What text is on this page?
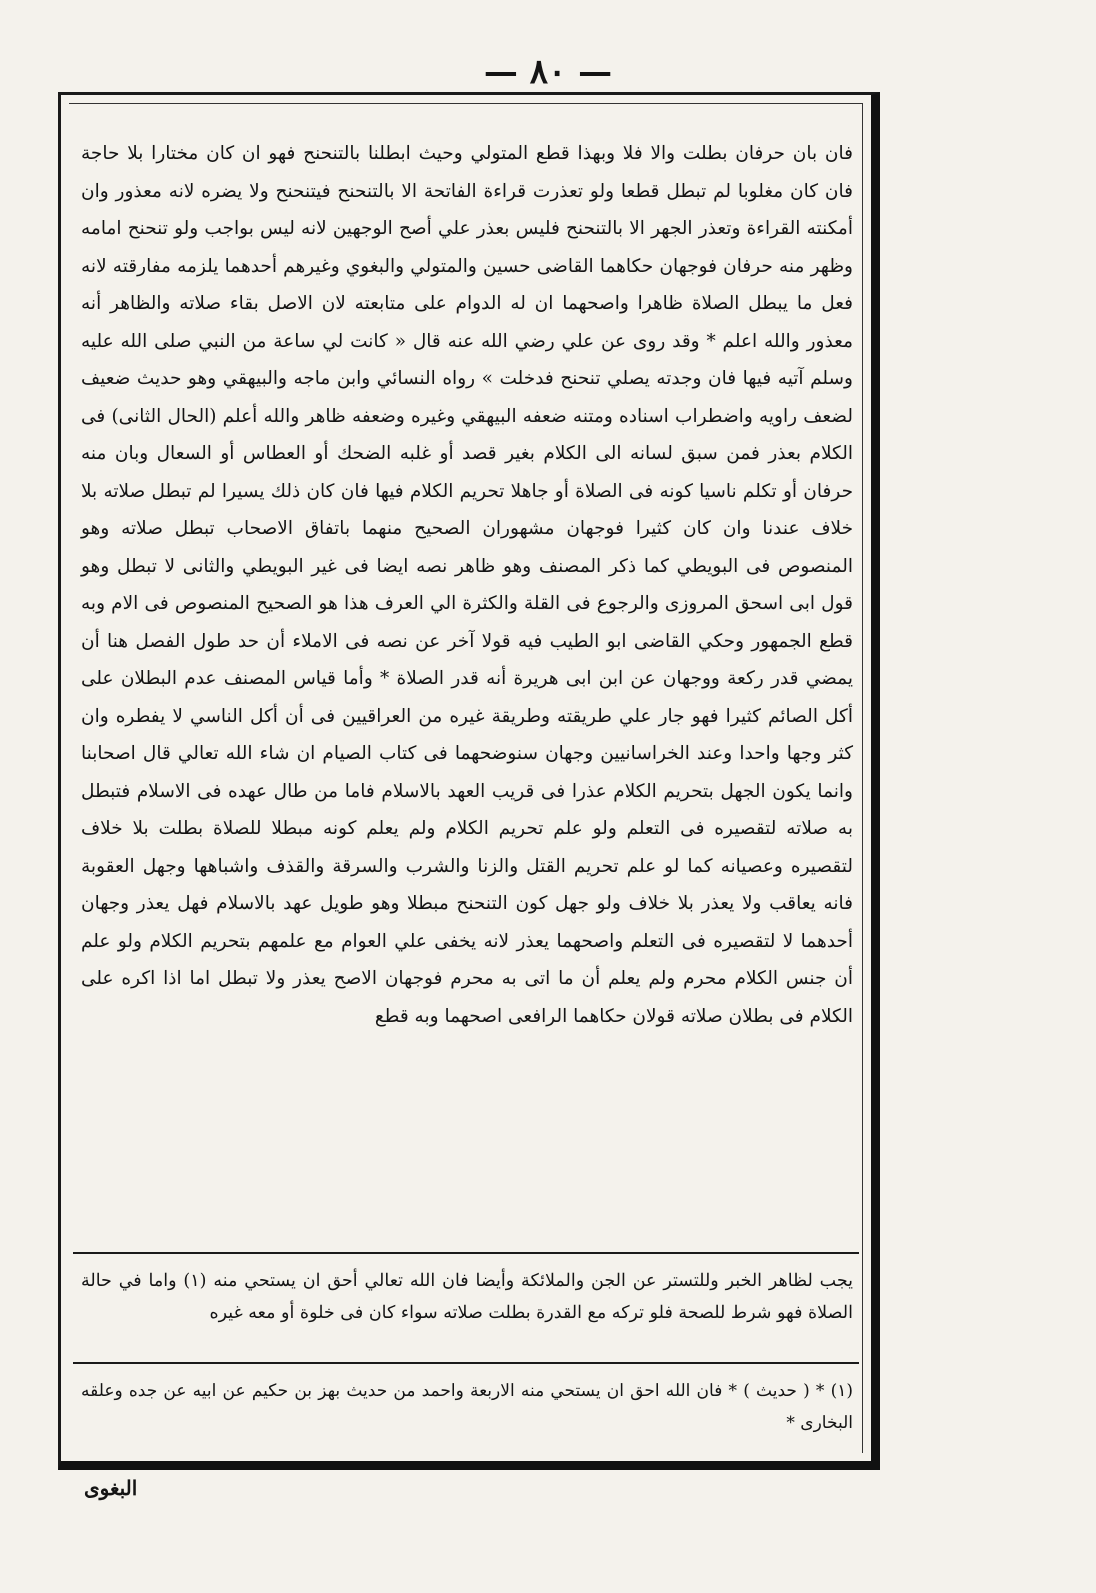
— ٨٠ —
فان بان حرفان بطلت والا فلا وبهذا قطع المتولي وحيث ابطلنا بالتنحنح فهو ان كان مختارا بلا حاجة فان كان مغلوبا لم تبطل قطعا ولو تعذرت قراءة الفاتحة الا بالتنحنح فيتنحنح ولا يضره لانه معذور وان أمكنته القراءة وتعذر الجهر الا بالتنحنح فليس بعذر علي أصح الوجهين لانه ليس بواجب ولو تنحنح امامه وظهر منه حرفان فوجهان حكاهما القاضى حسين والمتولي والبغوي وغيرهم أحدهما يلزمه مفارقته لانه فعل ما يبطل الصلاة ظاهرا واصحهما ان له الدوام على متابعته لان الاصل بقاء صلاته والظاهر أنه معذور والله اعلم * وقد روى عن علي رضي الله عنه قال « كانت لي ساعة من النبي صلى الله عليه وسلم آتيه فيها فان وجدته يصلي تنحنح فدخلت » رواه النسائي وابن ماجه والبيهقي وهو حديث ضعيف لضعف راويه واضطراب اسناده ومتنه ضعفه البيهقي وغيره وضعفه ظاهر والله أعلم (الحال الثانى) فى الكلام بعذر فمن سبق لسانه الى الكلام بغير قصد أو غلبه الضحك أو العطاس أو السعال وبان منه حرفان أو تكلم ناسيا كونه فى الصلاة أو جاهلا تحريم الكلام فيها فان كان ذلك يسيرا لم تبطل صلاته بلا خلاف عندنا وان كان كثيرا فوجهان مشهوران الصحيح منهما باتفاق الاصحاب تبطل صلاته وهو المنصوص فى البويطي كما ذكر المصنف وهو ظاهر نصه ايضا فى غير البويطي والثانى لا تبطل وهو قول ابى اسحق المروزى والرجوع فى القلة والكثرة الي العرف هذا هو الصحيح المنصوص فى الام وبه قطع الجمهور وحكي القاضى ابو الطيب فيه قولا آخر عن نصه فى الاملاء أن حد طول الفصل هنا أن يمضي قدر ركعة ووجهان عن ابن ابى هريرة أنه قدر الصلاة * وأما قياس المصنف عدم البطلان على أكل الصائم كثيرا فهو جار علي طريقته وطريقة غيره من العراقيين فى أن أكل الناسي لا يفطره وان كثر وجها واحدا وعند الخراسانيين وجهان سنوضحهما فى كتاب الصيام ان شاء الله تعالي قال اصحابنا وانما يكون الجهل بتحريم الكلام عذرا فى قريب العهد بالاسلام فاما من طال عهده فى الاسلام فتبطل به صلاته لتقصيره فى التعلم ولو علم تحريم الكلام ولم يعلم كونه مبطلا للصلاة بطلت بلا خلاف لتقصيره وعصيانه كما لو علم تحريم القتل والزنا والشرب والسرقة والقذف واشباهها وجهل العقوبة فانه يعاقب ولا يعذر بلا خلاف ولو جهل كون التنحنح مبطلا وهو طويل عهد بالاسلام فهل يعذر وجهان أحدهما لا لتقصيره فى التعلم واصحهما يعذر لانه يخفى علي العوام مع علمهم بتحريم الكلام ولو علم أن جنس الكلام محرم ولم يعلم أن ما اتى به محرم فوجهان الاصح يعذر ولا تبطل اما اذا اكره على الكلام فى بطلان صلاته قولان حكاهما الرافعى اصحهما وبه قطع
يجب لظاهر الخبر وللتستر عن الجن والملائكة وأيضا فان الله تعالي أحق ان يستحي منه (١) واما في حالة الصلاة فهو شرط للصحة فلو تركه مع القدرة بطلت صلاته سواء كان فى خلوة أو معه غيره
(١) * ( حديث ) * فان الله احق ان يستحي منه الاربعة واحمد من حديث بهز بن حكيم عن ابيه عن جده وعلقه البخارى *
البغوى
